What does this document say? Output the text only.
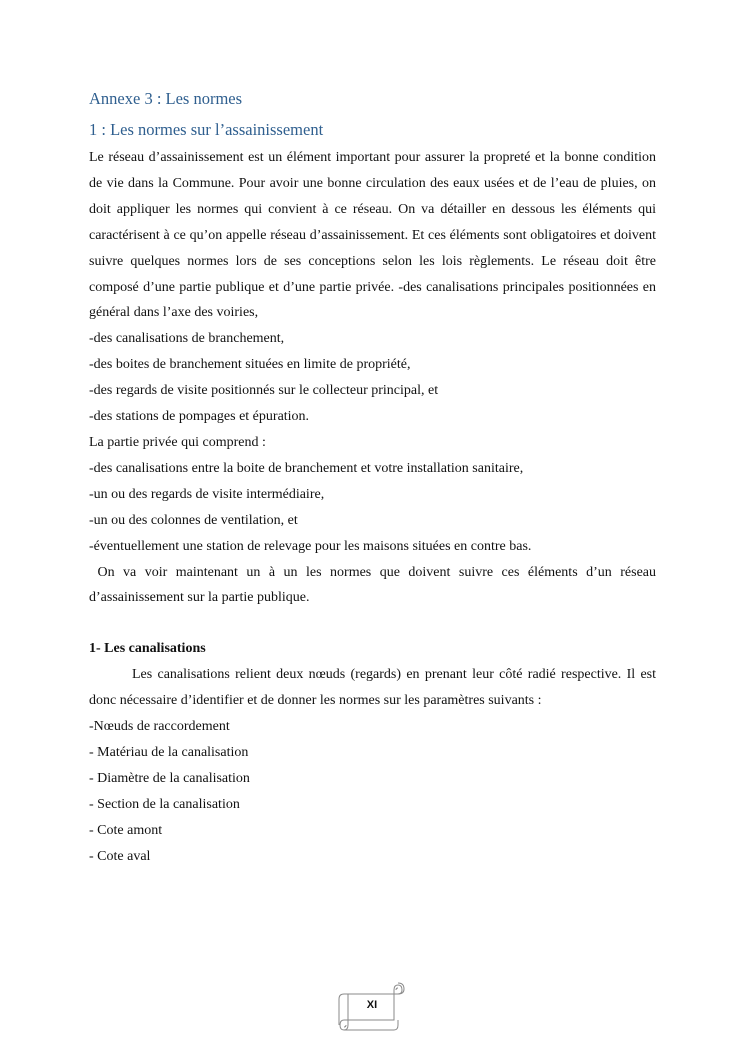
Annexe 3 : Les normes
1 : Les normes sur l’assainissement

Le réseau d’assainissement est un élément important pour assurer la propreté et la bonne condition de vie dans la Commune. Pour avoir une bonne circulation des eaux usées et de l’eau de pluies, on doit appliquer les normes qui convient à ce réseau. On va détailler en dessous les éléments qui caractérisent à ce qu’on appelle réseau d’assainissement. Et ces éléments sont obligatoires et doivent suivre quelques normes lors de ses conceptions selon les lois règlements. Le réseau doit être composé d’une partie publique et d’une partie privée. -des canalisations principales positionnées en général dans l’axe des voiries,

-des canalisations de branchement,

-des boites de branchement situées en limite de propriété,

-des regards de visite positionnés sur le collecteur principal, et

-des stations de pompages et épuration.

La partie privée qui comprend :

-des canalisations entre la boite de branchement et votre installation sanitaire,

-un ou des regards de visite intermédiaire,

-un ou des colonnes de ventilation, et

-éventuellement une station de relevage pour les maisons situées en contre bas.

On va voir maintenant un à un les normes que doivent suivre ces éléments d’un réseau d’assainissement sur la partie publique.

1- Les canalisations

Les canalisations relient deux nœuds (regards) en prenant leur côté radié respective. Il est donc nécessaire d’identifier et de donner les normes sur les paramètres suivants :

-Nœuds de raccordement

- Matériau de la canalisation

- Diamètre de la canalisation

- Section de la canalisation

- Cote amont

- Cote aval

XI
